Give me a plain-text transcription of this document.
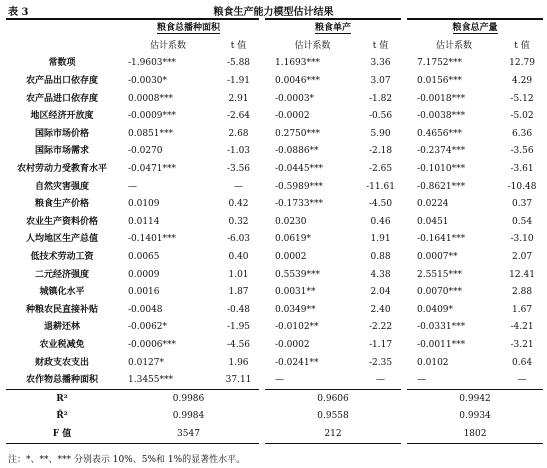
表 3	粮食生产能力模型估计结果
	粮食总播种面积		粮食单产		粮食总产量	
	估计系数	t 值	估计系数	t 值	估计系数	t 值
常数项	-1.9603***	-5.88	1.1693***	3.36	7.1752***	12.79
农产品出口依存度	-0.0030*	-1.91	0.0046***	3.07	0.0156***	4.29
农产品进口依存度	0.0008***	2.91	-0.0003*	-1.82	-0.0018***	-5.12
地区经济开放度	-0.0009***	-2.64	-0.0002	-0.56	-0.0038***	-5.02
国际市场价格	0.0851***	2.68	0.2750***	5.90	0.4656***	6.36
国际市场需求	-0.0270	-1.03	-0.0886**	-2.18	-0.2374***	-3.56
农村劳动力受教育水平	-0.0471***	-3.56	-0.0445***	-2.65	-0.1010***	-3.61
自然灾害强度	—	—	-0.5989***	-11.61	-0.8621***	-10.48
粮食生产价格	0.0109	0.42	-0.1733***	-4.50	0.0224	0.37
农业生产资料价格	0.0114	0.32	0.0230	0.46	0.0451	0.54
人均地区生产总值	-0.1401***	-6.03	0.0619*	1.91	-0.1641***	-3.10
低技术劳动工资	0.0065	0.40	0.0002	0.88	0.0007**	2.07
二元经济强度	0.0009	1.01	0.5539***	4.38	2.5515***	12.41
城镇化水平	0.0016	1.87	0.0031**	2.04	0.0070***	2.88
种粮农民直接补贴	-0.0048	-0.48	0.0349**	2.40	0.0409*	1.67
退耕还林	-0.0062*	-1.95	-0.0102**	-2.22	-0.0331***	-4.21
农业税减免	-0.0006***	-4.56	-0.0002	-1.17	-0.0011***	-3.21
财政支农支出	0.0127*	1.96	-0.0241**	-2.35	0.0102	0.64
农作物总播种面积	1.3455***	37.11	—	—	—	—
R²	0.9986		0.9606		0.9942	
R̄²	0.9984		0.9558		0.9934	
F 值	3547		212		1802	
注：*、**、*** 分别表示 10%、5%和 1%的显著性水平。
